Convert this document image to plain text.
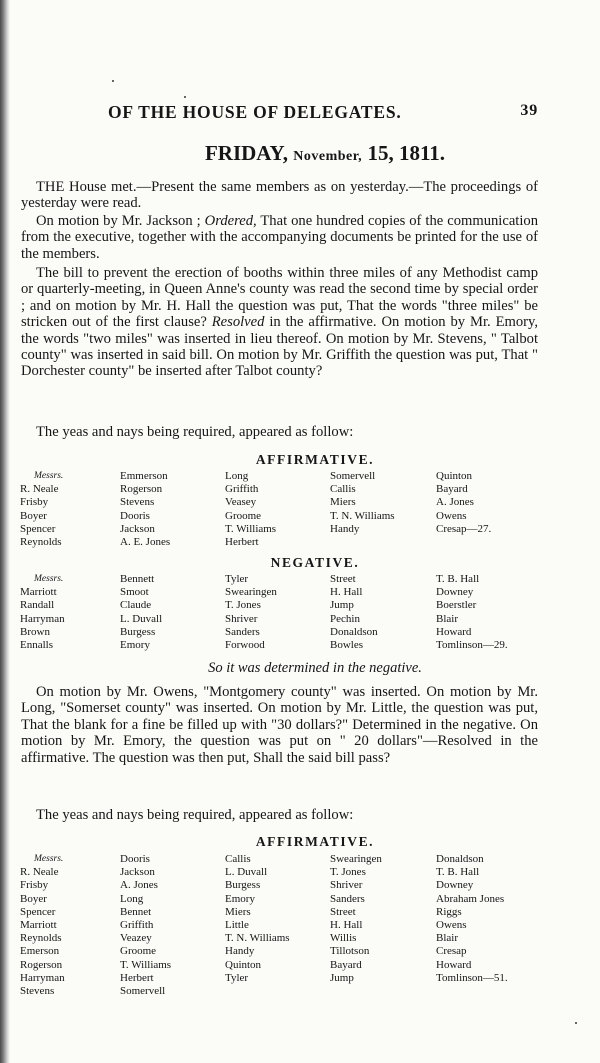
OF THE HOUSE OF DELEGATES.	39
FRIDAY, November, 15, 1811.

THE House met.—Present the same members as on yesterday.—The proceedings of yesterday were read.

On motion by Mr. Jackson ; Ordered, That one hundred copies of the communication from the executive, together with the accompanying documents be printed for the use of the members.

The bill to prevent the erection of booths within three miles of any Methodist camp or quarterly-meeting, in Queen Anne's county was read the second time by special order ; and on motion by Mr. H. Hall the question was put, That the words "three miles" be stricken out of the first clause? Resolved in the affirmative. On motion by Mr. Emory, the words "two miles" was inserted in lieu thereof. On motion by Mr. Stevens, " Talbot county" was inserted in said bill. On motion by Mr. Griffith the question was put, That " Dorchester county" be inserted after Talbot county?

The yeas and nays being required, appeared as follow:

AFFIRMATIVE.
Messrs.	Emmerson	Long	Somervell	Quinton
R. Neale	Rogerson	Griffith	Callis	Bayard
Frisby	Stevens	Veasey	Miers	A. Jones
Boyer	Dooris	Groome	T. N. Williams	Owens
Spencer	Jackson	T. Williams	Handy	Cresap—27.
Reynolds	A. E. Jones	Herbert
NEGATIVE.
Messrs.	Bennett	Tyler	Street	T. B. Hall
Marriott	Smoot	Swearingen	H. Hall	Downey
Randall	Claude	T. Jones	Jump	Boerstler
Harryman	L. Duvall	Shriver	Pechin	Blair
Brown	Burgess	Sanders	Donaldson	Howard
Ennalls	Emory	Forwood	Bowles	Tomlinson—29.
So it was determined in the negative.

On motion by Mr. Owens, "Montgomery county" was inserted. On motion by Mr. Long, "Somerset county" was inserted. On motion by Mr. Little, the question was put, That the blank for a fine be filled up with "30 dollars?" Determined in the negative. On motion by Mr. Emory, the question was put on " 20 dollars"—Resolved in the affirmative. The question was then put, Shall the said bill pass?

The yeas and nays being required, appeared as follow:

AFFIRMATIVE.
Messrs.	Dooris	Callis	Swearingen	Donaldson
R. Neale	Jackson	L. Duvall	T. Jones	T. B. Hall
Frisby	A. Jones	Burgess	Shriver	Downey
Boyer	Long	Emory	Sanders	Abraham Jones
Spencer	Bennet	Miers	Street	Riggs
Marriott	Griffith	Little	H. Hall	Owens
Reynolds	Veazey	T. N. Williams	Willis	Blair
Emerson	Groome	Handy	Tillotson	Cresap
Rogerson	T. Williams	Quinton	Bayard	Howard
Harryman	Herbert	Tyler	Jump	Tomlinson—51.
Stevens	Somervell
